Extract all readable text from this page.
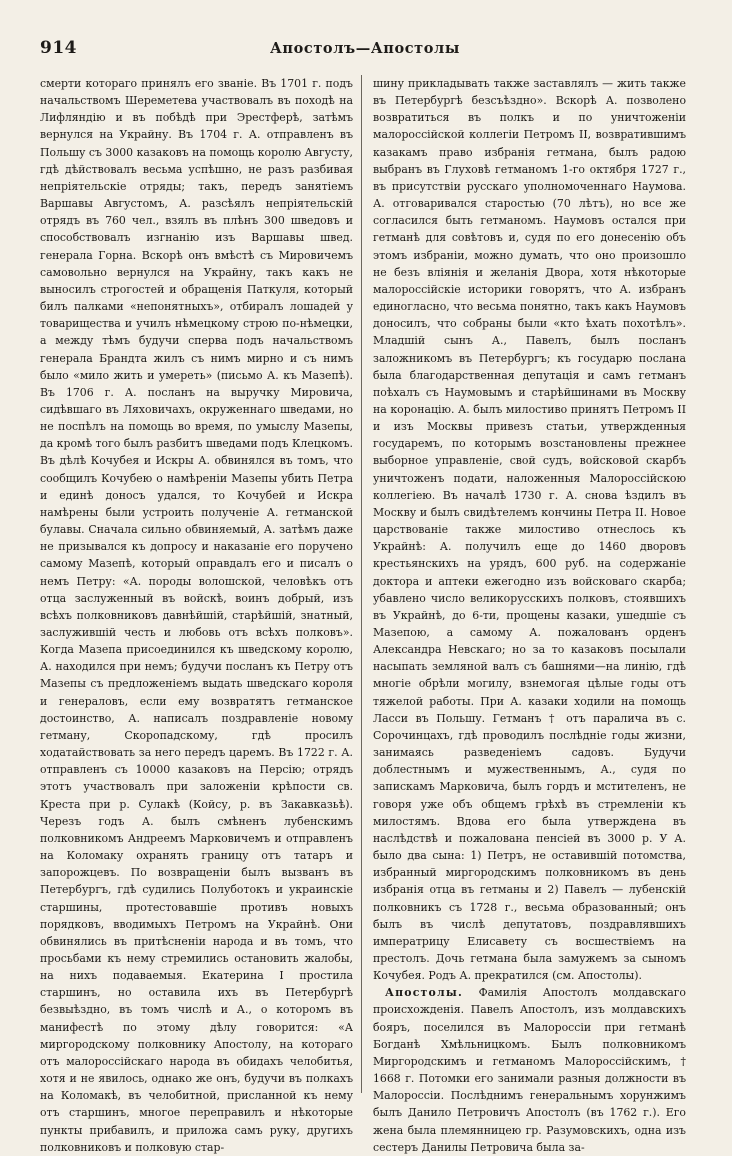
914	Апостолъ—Апостолы

смерти котораго принялъ его званіе. Въ 1701 г. подъ начальствомъ Шереметева участвовалъ въ походѣ на Лифляндію и въ побѣдѣ при Эрестферѣ, затѣмъ вернулся на Украйну. Въ 1704 г. А. отправленъ въ Польшу съ 3000 казаковъ на помощь королю Августу, гдѣ дѣйствовалъ весьма успѣшно, не разъ разбивая непріятельскіе отряды; такъ, передъ занятіемъ Варшавы Августомъ, А. разсѣялъ непріятельскій отрядъ въ 760 чел., взялъ въ плѣнъ 300 шведовъ и способствовалъ изгнанію изъ Варшавы швед. генерала Горна. Вскорѣ онъ вмѣстѣ съ Мировичемъ самовольно вернулся на Украйну, такъ какъ не выносилъ строгостей и обращенія Паткуля, который билъ палками «непонятныхъ», отбиралъ лошадей у товарищества и училъ нѣмецкому строю по-нѣмецки, а между тѣмъ будучи сперва подъ начальствомъ генерала Брандта жилъ съ нимъ мирно и съ нимъ было «мило жить и умереть» (письмо А. къ Мазепѣ). Въ 1706 г. А. посланъ на выручку Мировича, сидѣвшаго въ Ляховичахъ, окруженнаго шведами, но не поспѣлъ на помощь во время, по умыслу Мазепы, да кромѣ того былъ разбитъ шведами подъ Клецкомъ. Въ дѣлѣ Кочубея и Искры А. обвинялся въ томъ, что сообщилъ Кочубею о намѣреніи Мазепы убить Петра и единѣ доносъ удался, то Кочубей и Искра намѣрены были устроить полученіе А. гетманской булавы. Сначала сильно обвиняемый, А. затѣмъ даже не призывался къ допросу и наказаніе его поручено самому Мазепѣ, который оправдалъ его и писалъ о немъ Петру: «А. породы волошской, человѣкъ отъ отца заслуженный въ войскѣ, воинъ добрый, изъ всѣхъ полковниковъ давнѣйшій, старѣйшій, знатный, заслужившій честь и любовь отъ всѣхъ полковъ». Когда Мазепа присоединился къ шведскому королю, А. находился при немъ; будучи посланъ къ Петру отъ Мазепы съ предложеніемъ выдать шведскаго короля и генераловъ, если ему возвратятъ гетманское достоинство, А. написалъ поздравленіе новому гетману, Скоропадскому, гдѣ просилъ ходатайствовать за него передъ царемъ. Въ 1722 г. А. отправленъ съ 10000 казаковъ на Персію; отрядъ этотъ участвовалъ при заложеніи крѣпости св. Креста при р. Сулакѣ (Койсу, р. въ Закавказьѣ). Черезъ годъ А. былъ смѣненъ лубенскимъ полковникомъ Андреемъ Марковичемъ и отправленъ на Коломаку охранять границу отъ татаръ и запорожцевъ. По возвращеніи былъ вызванъ въ Петербургъ, гдѣ судились Полуботокъ и украинскіе старшины, протестовавшіе противъ новыхъ порядковъ, вводимыхъ Петромъ на Украйнѣ. Они обвинялись въ притѣсненіи народа и въ томъ, что просьбами къ нему стремились остановить жалобы, на нихъ подаваемыя. Екатерина I простила старшинъ, но оставила ихъ въ Петербургѣ безвыѣздно, въ томъ числѣ и А., о которомъ въ манифестѣ по этому дѣлу говорится: «А миргородскому полковнику Апостолу, на котораго отъ малороссійскаго народа въ обидахъ челобитья, хотя и не явилось, однако же онъ, будучи въ полкахъ на Коломакѣ, въ челобитной, присланной къ нему отъ старшинъ, многое переправилъ и нѣкоторые пункты прибавилъ, и приложа самъ руку, другихъ полковниковъ и полковую стар-

шину прикладывать также заставлялъ — жить также въ Петербургѣ безсъѣздно». Вскорѣ А. позволено возвратиться въ полкъ и по уничтоженіи малороссійской коллегіи Петромъ II, возвратившимъ казакамъ право избранія гетмана, былъ радою выбранъ въ Глуховѣ гетманомъ 1-го октября 1727 г., въ присутствіи русскаго уполномоченнаго Наумова. А. отговаривался старостью (70 лѣтъ), но все же согласился быть гетманомъ. Наумовъ остался при гетманѣ для совѣтовъ и, судя по его донесенію объ этомъ избраніи, можно думать, что оно произошло не безъ вліянія и желанія Двора, хотя нѣкоторые малороссійскіе историки говорятъ, что А. избранъ единогласно, что весьма понятно, такъ какъ Наумовъ доносилъ, что собраны были «кто ѣхать похотѣлъ». Младшій сынъ А., Павелъ, былъ посланъ заложникомъ въ Петербургъ; къ государю послана была благодарственная депутація и самъ гетманъ поѣхалъ съ Наумовымъ и старѣйшинами въ Москву на коронацію. А. былъ милостиво принятъ Петромъ II и изъ Москвы привезъ статьи, утвержденныя государемъ, по которымъ возстановлены прежнее выборное управленіе, свой судъ, войсковой скарбъ уничтоженъ подати, наложенныя Малороссійскою коллегіею. Въ началѣ 1730 г. А. снова ѣздилъ въ Москву и былъ свидѣтелемъ кончины Петра II. Новое царствованіе также милостиво отнеслось къ Украйнѣ: А. получилъ еще до 1460 дворовъ крестьянскихъ на урядъ, 600 руб. на содержаніе доктора и аптеки ежегодно изъ войсковаго скарба; убавлено число великорусскихъ полковъ, стоявшихъ въ Украйнѣ, до 6-ти, прощены казаки, ушедшіе съ Мазепою, а самому А. пожалованъ орденъ Александра Невскаго; но за то казаковъ посылали насыпать земляной валъ съ башнями—на линію, гдѣ многіе обрѣли могилу, взнемогая цѣлые годы отъ тяжелой работы. При А. казаки ходили на помощь Ласси въ Польшу. Гетманъ † отъ паралича въ с. Сорочинцахъ, гдѣ проводилъ послѣдніе годы жизни, занимаясь разведеніемъ садовъ. Будучи доблестнымъ и мужественнымъ, А., судя по запискамъ Марковича, былъ гордъ и мстителенъ, не говоря уже объ общемъ грѣхѣ въ стремленіи къ милостямъ. Вдова его была утверждена въ наслѣдствѣ и пожалована пенсіей въ 3000 р. У А. было два сына: 1) Петръ, не оставившій потомства, избранный миргородскимъ полковникомъ въ день избранія отца въ гетманы и 2) Павелъ — лубенскій полковникъ съ 1728 г., весьма образованный; онъ былъ въ числѣ депутатовъ, поздравлявшихъ императрицу Елисавету съ восшествіемъ на престолъ. Дочь гетмана была замужемъ за сыномъ Кочубея. Родъ А. прекратился (см. Апостолы).

Апостолы. Фамилія Апостолъ молдавскаго происхожденія. Павелъ Апостолъ, изъ молдавскихъ бояръ, поселился въ Малороссіи при гетманѣ Богданѣ Хмѣльницкомъ. Былъ полковникомъ Миргородскимъ и гетманомъ Малороссійскимъ, † 1668 г. Потомки его занимали разныя должности въ Малороссіи. Послѣднимъ генеральнымъ хорунжимъ былъ Данило Петровичъ Апостолъ (въ 1762 г.). Его жена была племянницею гр. Разумовскихъ, одна изъ сестеръ Данилы Петровича была за-
